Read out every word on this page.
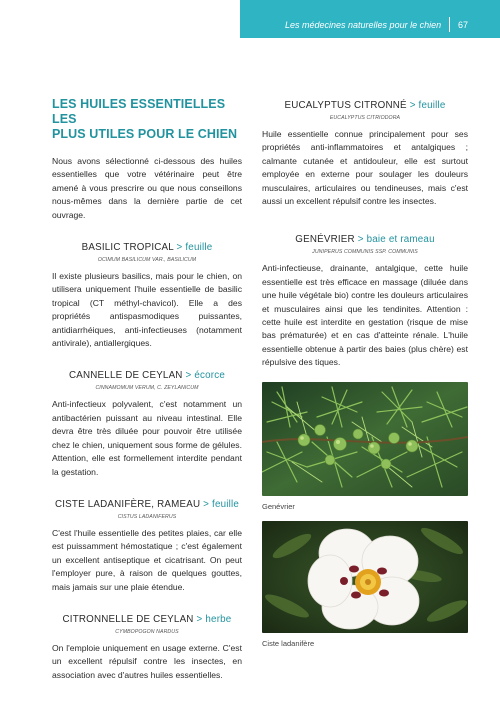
Les médecines naturelles pour le chien 67
LES HUILES ESSENTIELLES LES
PLUS UTILES POUR LE CHIEN

Nous avons sélectionné ci-dessous des huiles essentielles que votre vétérinaire peut être amené à vous prescrire ou que nous conseillons nous-mêmes dans la dernière partie de cet ouvrage.

BASILIC TROPICAL > feuille
OCIMUM BASILICUM VAR., BASILICUM

Il existe plusieurs basilics, mais pour le chien, on utilisera uniquement l'huile essentielle de basilic tropical (CT méthyl-chavicol). Elle a des propriétés antispasmodiques puissantes, antidiarrhéiques, anti-infectieuses (notamment antivirale), antiallergiques.

CANNELLE DE CEYLAN > écorce
CINNAMOMUM VERUM, C. ZEYLANICUM

Anti-infectieux polyvalent, c'est notamment un antibactérien puissant au niveau intestinal. Elle devra être très diluée pour pouvoir être utilisée chez le chien, uniquement sous forme de gélules. Attention, elle est formellement interdite pendant la gestation.

CISTE LADANIFÈRE, RAMEAU > feuille
CISTUS LADANIFERUS

C'est l'huile essentielle des petites plaies, car elle est puissamment hémostatique ; c'est également un excellent antiseptique et cicatrisant. On peut l'employer pure, à raison de quelques gouttes, mais jamais sur une plaie étendue.

CITRONNELLE DE CEYLAN > herbe
CYMBOPOGON NARDUS

On l'emploie uniquement en usage externe. C'est un excellent répulsif contre les insectes, en association avec d'autres huiles essentielles.

EUCALYPTUS CITRONNÉ > feuille
EUCALYPTUS CITRIODORA

Huile essentielle connue principalement pour ses propriétés anti-inflammatoires et antalgiques ; calmante cutanée et antidouleur, elle est surtout employée en externe pour soulager les douleurs musculaires, articulaires ou tendineuses, mais c'est aussi un excellent répulsif contre les insectes.

GENÉVRIER > baie et rameau
JUNIPERUS COMMUNIS SSP. COMMUNIS

Anti-infectieuse, drainante, antalgique, cette huile essentielle est très efficace en massage (diluée dans une huile végétale bio) contre les douleurs articulaires et musculaires ainsi que les tendinites. Attention : cette huile est interdite en gestation (risque de mise bas prématurée) et en cas d'atteinte rénale. L'huile essentielle obtenue à partir des baies (plus chère) est répulsive des tiques.

Genévrier
Ciste ladanifère
